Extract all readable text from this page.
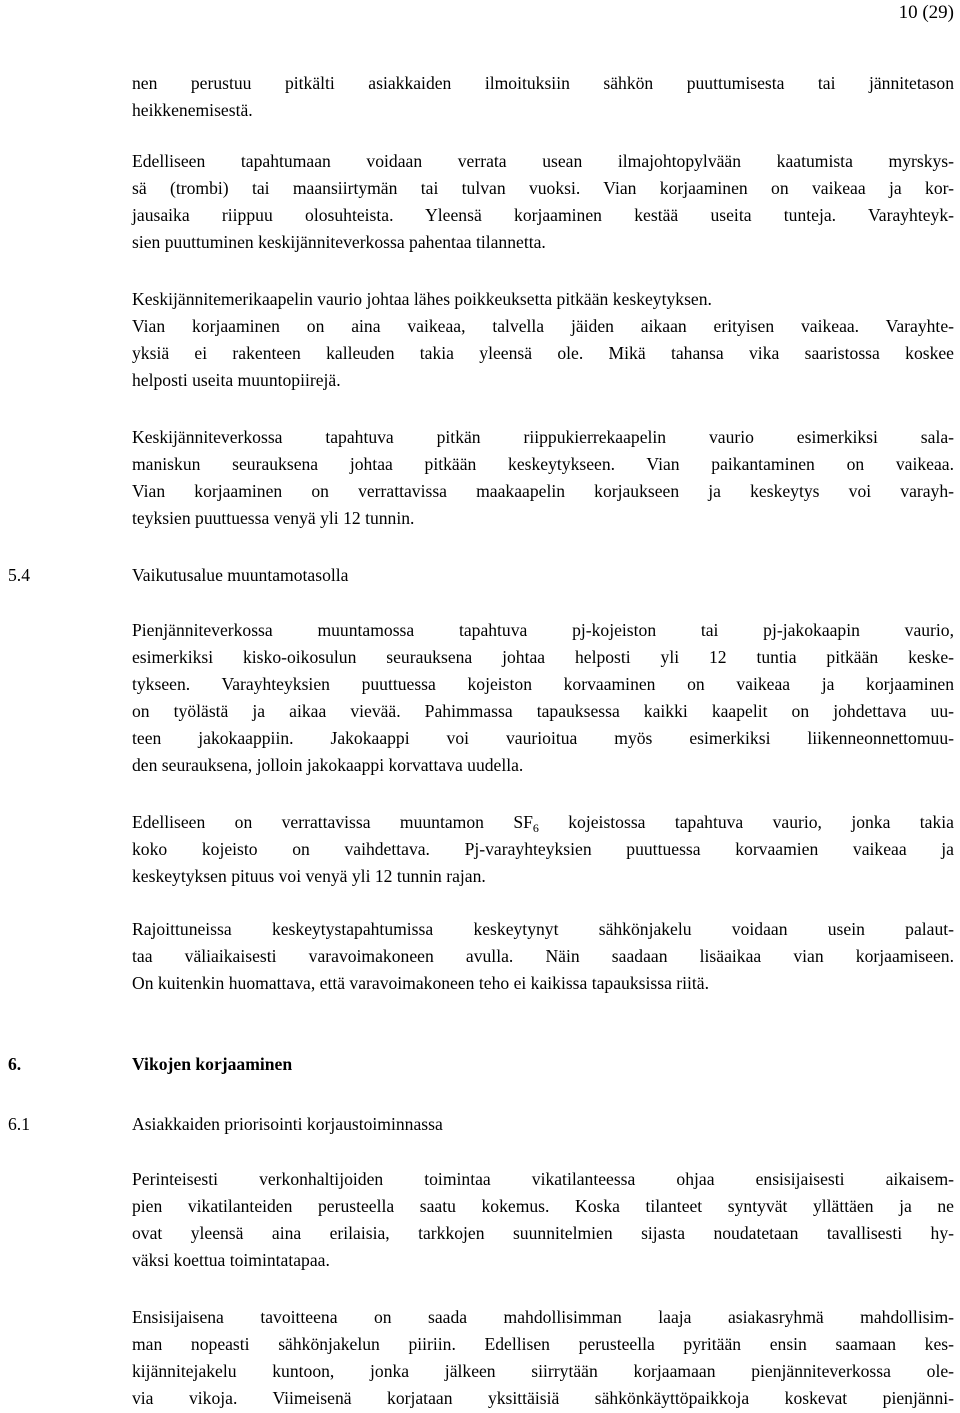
10 (29)
nen perustuu pitkälti asiakkaiden ilmoituksiin sähkön puuttumisesta tai jännitetason
heikkenemisestä.
Edelliseen tapahtumaan voidaan verrata usean ilmajohtopylvään kaatumista myrskys-
sä (trombi) tai maansiirtymän tai tulvan vuoksi. Vian korjaaminen on vaikeaa ja kor-
jausaika riippuu olosuhteista. Yleensä korjaaminen kestää useita tunteja. Varayhteyk-
sien puuttuminen keskijänniteverkossa pahentaa tilannetta.
Keskijännitemerikaapelin vaurio johtaa lähes poikkeuksetta pitkään keskeytyksen.
Vian korjaaminen on aina vaikeaa, talvella jäiden aikaan erityisen vaikeaa. Varayhte-
yksiä ei rakenteen kalleuden takia yleensä ole. Mikä tahansa vika saaristossa koskee
helposti useita muuntopiirejä.
Keskijänniteverkossa tapahtuva pitkän riippukierrekaapelin vaurio esimerkiksi sala-
maniskun seurauksena johtaa pitkään keskeytykseen. Vian paikantaminen on vaikeaa.
Vian korjaaminen on verrattavissa maakaapelin korjaukseen ja keskeytys voi varayh-
teyksien puuttuessa venyä yli 12 tunnin.
5.4	Vaikutusalue muuntamotasolla
Pienjänniteverkossa muuntamossa tapahtuva pj-kojeiston tai pj-jakokaapin vaurio,
esimerkiksi kisko-oikosulun seurauksena johtaa helposti yli 12 tuntia pitkään keske-
tykseen. Varayhteyksien puuttuessa kojeiston korvaaminen on vaikeaa ja korjaaminen
on työlästä ja aikaa vievää. Pahimmassa tapauksessa kaikki kaapelit on johdettava uu-
teen jakokaappiin. Jakokaappi voi vaurioitua myös esimerkiksi liikenneonnettomuu-
den seurauksena, jolloin jakokaappi korvattava uudella.
Edelliseen on verrattavissa muuntamon $SF_6$ kojeistossa tapahtuva vaurio, jonka takia
koko kojeisto on vaihdettava. Pj-varayhteyksien puuttuessa korvaamien vaikeaa ja
keskeytyksen pituus voi venyä yli 12 tunnin rajan.
Rajoittuneissa keskeytystapahtumissa keskeytynyt sähkönjakelu voidaan usein palaut-
taa väliaikaisesti varavoimakoneen avulla. Näin saadaan lisäaikaa vian korjaamiseen.
On kuitenkin huomattava, että varavoimakoneen teho ei kaikissa tapauksissa riitä.
6.	Vikojen korjaaminen
6.1	Asiakkaiden priorisointi korjaustoiminnassa
Perinteisesti verkonhaltijoiden toimintaa vikatilanteessa ohjaa ensisijaisesti aikaisem-
pien vikatilanteiden perusteella saatu kokemus. Koska tilanteet syntyvät yllättäen ja ne
ovat yleensä aina erilaisia, tarkkojen suunnitelmien sijasta noudatetaan tavallisesti hy-
väksi koettua toimintatapaa.
Ensisijaisena tavoitteena on saada mahdollisimman laaja asiakasryhmä mahdollisim-
man nopeasti sähkönjakelun piiriin. Edellisen perusteella pyritään ensin saamaan kes-
kijännitejakelu kuntoon, jonka jälkeen siirrytään korjaamaan pienjänniteverkossa ole-
via vikoja. Viimeisenä korjataan yksittäisiä sähkönkäyttöpaikkoja koskevat pienjänni-
